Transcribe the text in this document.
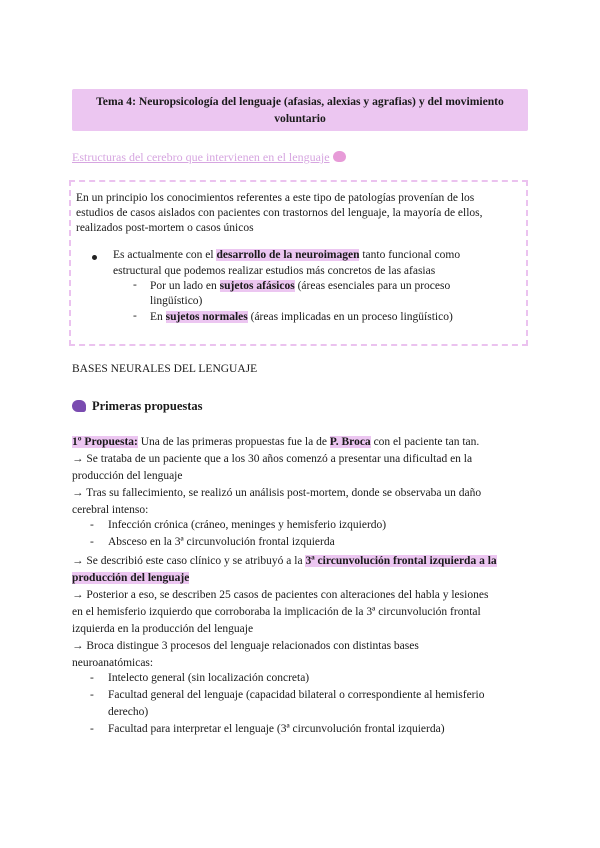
Tema 4: Neuropsicología del lenguaje (afasias, alexias y agrafias) y del movimiento
voluntario
Estructuras del cerebro que intervienen en el lenguaje
En un principio los conocimientos referentes a este tipo de patologías provenían de los
estudios de casos aislados con pacientes con trastornos del lenguaje, la mayoría de ellos,
realizados post-mortem o casos únicos
Es actualmente con el desarrollo de la neuroimagen tanto funcional como
estructural que podemos realizar estudios más concretos de las afasias
- Por un lado en sujetos afásicos (áreas esenciales para un proceso
lingüístico)
- En sujetos normales (áreas implicadas en un proceso lingüístico)
BASES NEURALES DEL LENGUAJE
Primeras propuestas
1º Propuesta: Una de las primeras propuestas fue la de P. Broca con el paciente tan tan.
→ Se trataba de un paciente que a los 30 años comenzó a presentar una dificultad en la
producción del lenguaje
→ Tras su fallecimiento, se realizó un análisis post-mortem, donde se observaba un daño
cerebral intenso:
- Infección crónica (cráneo, meninges y hemisferio izquierdo)
- Absceso en la 3ª circunvolución frontal izquierda
→ Se describió este caso clínico y se atribuyó a la 3ª circunvolución frontal izquierda a la
producción del lenguaje
→ Posterior a eso, se describen 25 casos de pacientes con alteraciones del habla y lesiones
en el hemisferio izquierdo que corroboraba la implicación de la 3ª circunvolución frontal
izquierda en la producción del lenguaje
→ Broca distingue 3 procesos del lenguaje relacionados con distintas bases
neuroanatómicas:
- Intelecto general (sin localización concreta)
- Facultad general del lenguaje (capacidad bilateral o correspondiente al hemisferio
derecho)
- Facultad para interpretar el lenguaje (3ª circunvolución frontal izquierda)
